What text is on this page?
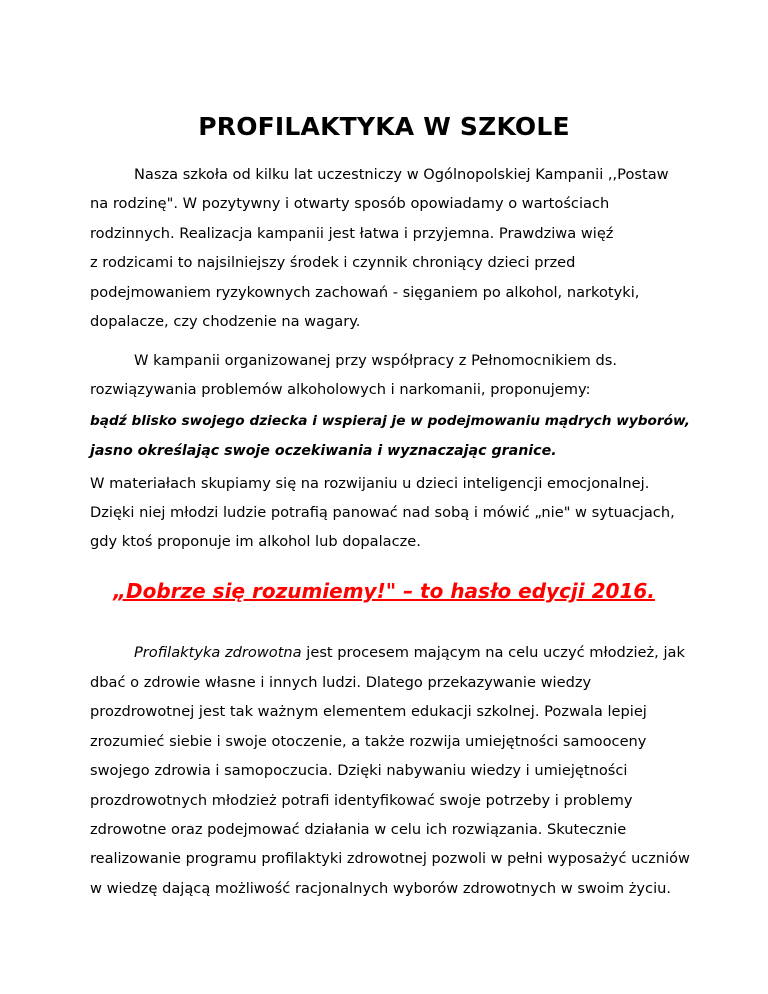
PROFILAKTYKA W SZKOLE
Nasza szkoła od kilku lat uczestniczy w Ogólnopolskiej Kampanii ,,Postaw
na rodzinę". W pozytywny i otwarty sposób opowiadamy o wartościach
rodzinnych. Realizacja kampanii jest łatwa i przyjemna. Prawdziwa więź
z rodzicami to najsilniejszy środek i czynnik chroniący dzieci przed
podejmowaniem ryzykownych zachowań - sięganiem po alkohol, narkotyki,
dopalacze, czy chodzenie na wagary.
W kampanii organizowanej przy współpracy z Pełnomocnikiem ds.
rozwiązywania problemów alkoholowych i narkomanii, proponujemy:
bądź blisko swojego dziecka i wspieraj je w podejmowaniu mądrych wyborów,
jasno określając swoje oczekiwania i wyznaczając granice.
W materiałach skupiamy się na rozwijaniu u dzieci inteligencji emocjonalnej.
Dzięki niej młodzi ludzie potrafią panować nad sobą i mówić „nie" w sytuacjach,
gdy ktoś proponuje im alkohol lub dopalacze.
„Dobrze się rozumiemy!" – to hasło edycji 2016.
Profilaktyka zdrowotna jest procesem mającym na celu uczyć młodzież, jak
dbać o zdrowie własne i innych ludzi. Dlatego przekazywanie wiedzy
prozdrowotnej jest tak ważnym elementem edukacji szkolnej. Pozwala lepiej
zrozumieć siebie i swoje otoczenie, a także rozwija umiejętności samooceny
swojego zdrowia i samopoczucia. Dzięki nabywaniu wiedzy i umiejętności
prozdrowotnych młodzież potrafi identyfikować swoje potrzeby i problemy
zdrowotne oraz podejmować działania w celu ich rozwiązania. Skutecznie
realizowanie programu profilaktyki zdrowotnej pozwoli w pełni wyposażyć uczniów
w wiedzę dającą możliwość racjonalnych wyborów zdrowotnych w swoim życiu.
